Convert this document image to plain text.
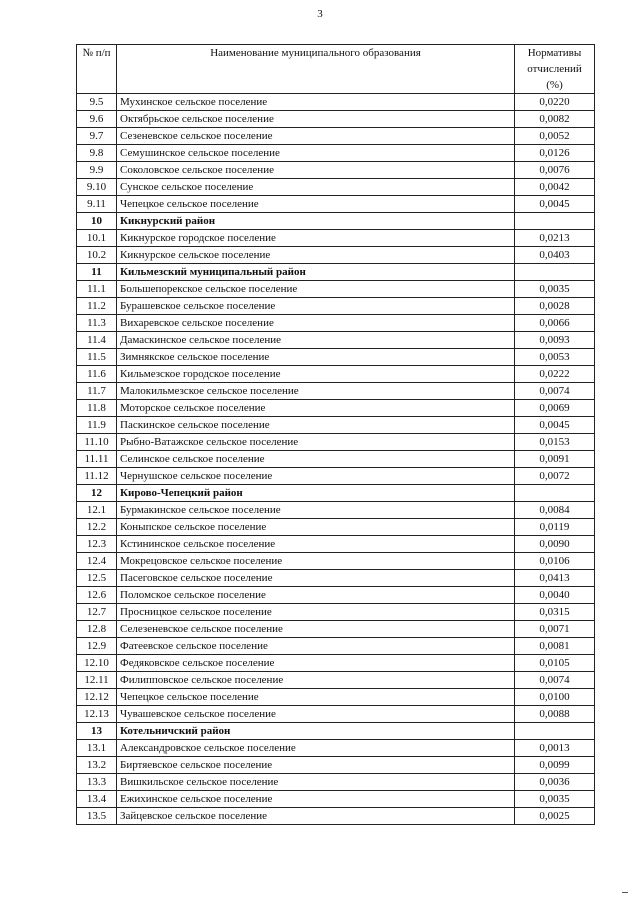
3
№ п/п	Наименование муниципального образования	Нормативы отчислений (%)
9.5	Мухинское сельское поселение	0,0220
9.6	Октябрьское сельское поселение	0,0082
9.7	Сезеневское сельское поселение	0,0052
9.8	Семушинское сельское поселение	0,0126
9.9	Соколовское сельское поселение	0,0076
9.10	Сунское сельское поселение	0,0042
9.11	Чепецкое сельское поселение	0,0045
10	Кикнурский район	
10.1	Кикнурское городское поселение	0,0213
10.2	Кикнурское сельское поселение	0,0403
11	Кильмезский муниципальный район	
11.1	Большепорекское сельское поселение	0,0035
11.2	Бурашевское сельское поселение	0,0028
11.3	Вихаревское сельское поселение	0,0066
11.4	Дамаскинское сельское поселение	0,0093
11.5	Зимнякское сельское поселение	0,0053
11.6	Кильмезское городское поселение	0,0222
11.7	Малокильмезское сельское поселение	0,0074
11.8	Моторское сельское поселение	0,0069
11.9	Паскинское сельское поселение	0,0045
11.10	Рыбно-Ватажское сельское поселение	0,0153
11.11	Селинское сельское поселение	0,0091
11.12	Чернушское сельское поселение	0,0072
12	Кирово-Чепецкий район	
12.1	Бурмакинское сельское поселение	0,0084
12.2	Коныпское сельское поселение	0,0119
12.3	Кстининское сельское поселение	0,0090
12.4	Мокрецовское сельское поселение	0,0106
12.5	Пасеговское сельское поселение	0,0413
12.6	Поломское сельское поселение	0,0040
12.7	Просницкое сельское поселение	0,0315
12.8	Селезеневское сельское поселение	0,0071
12.9	Фатеевское сельское поселение	0,0081
12.10	Федяковское сельское поселение	0,0105
12.11	Филипповское сельское поселение	0,0074
12.12	Чепецкое сельское поселение	0,0100
12.13	Чувашевское сельское поселение	0,0088
13	Котельничский район	
13.1	Александровское сельское поселение	0,0013
13.2	Биртяевское сельское поселение	0,0099
13.3	Вишкильское сельское поселение	0,0036
13.4	Ежихинское сельское поселение	0,0035
13.5	Зайцевское сельское поселение	0,0025
